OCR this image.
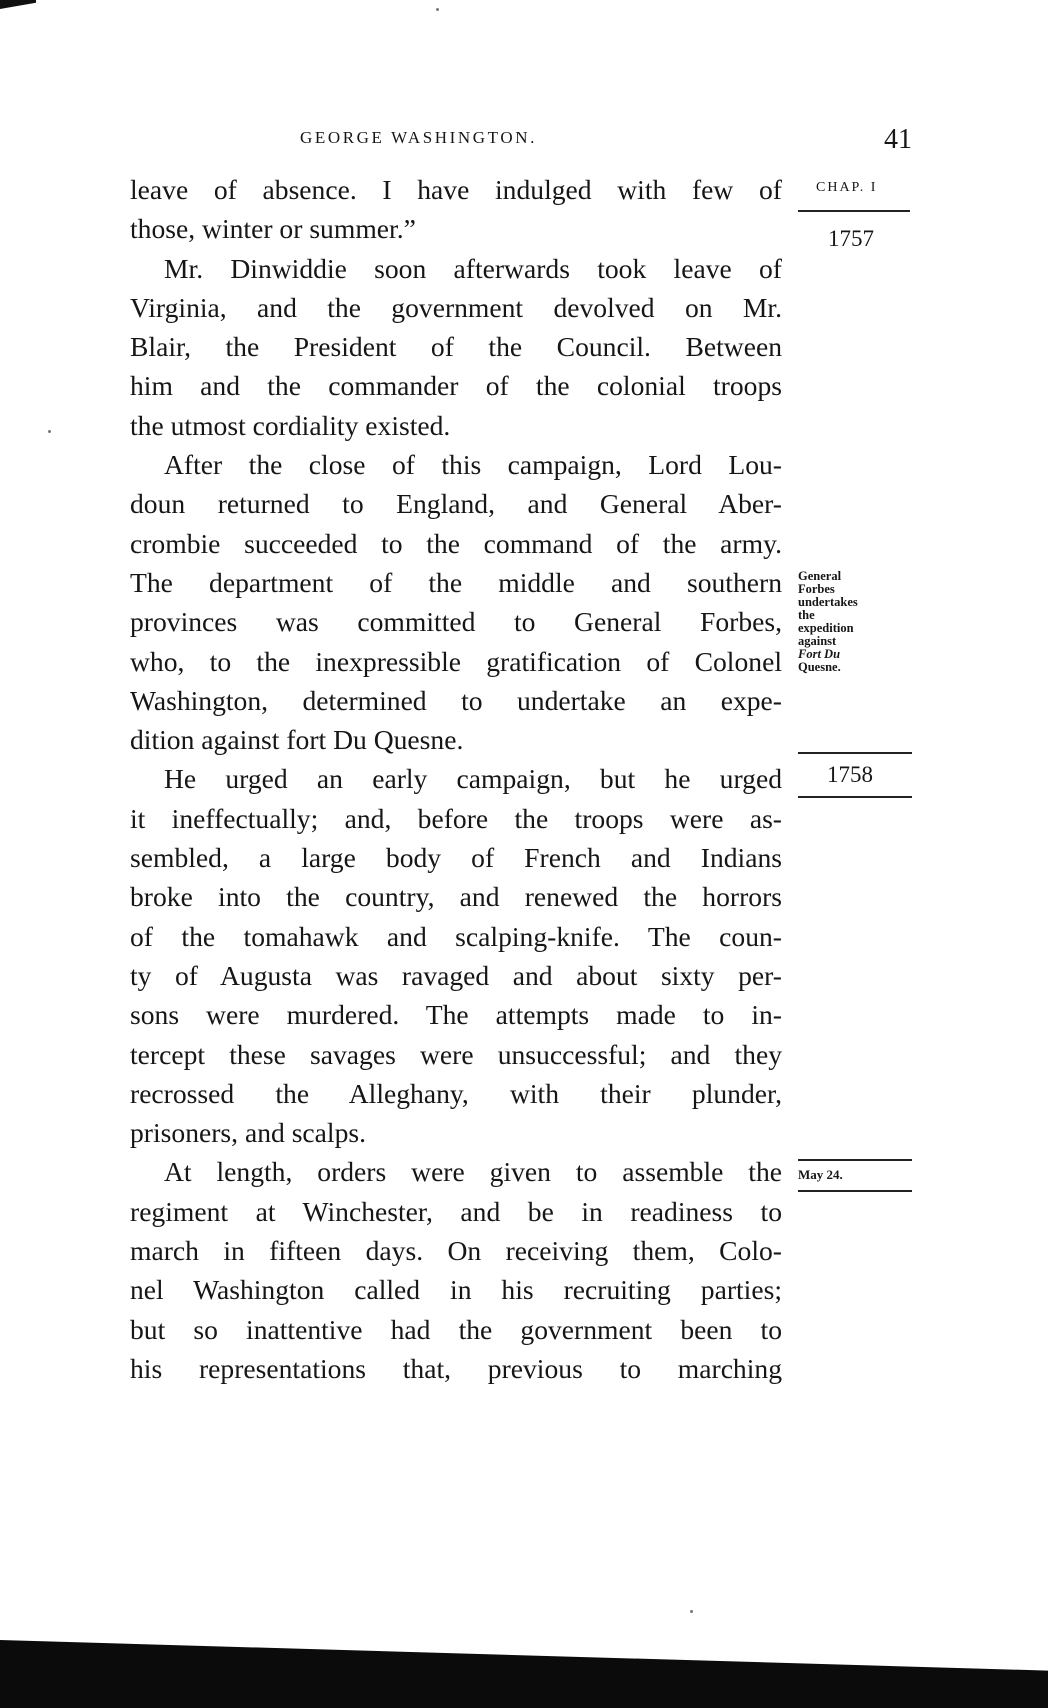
GEORGE WASHINGTON.	41

leave of absence. I have indulged with few of

those, winter or summer.”

Mr. Dinwiddie soon afterwards took leave of

Virginia, and the government devolved on Mr.

Blair, the President of the Council. Between

him and the commander of the colonial troops

the utmost cordiality existed.

After the close of this campaign, Lord Lou-

doun returned to England, and General Aber-

crombie succeeded to the command of the army.

The department of the middle and southern

provinces was committed to General Forbes,

who, to the inexpressible gratification of Colonel

Washington, determined to undertake an expe-

dition against fort Du Quesne.

He urged an early campaign, but he urged

it ineffectually; and, before the troops were as-

sembled, a large body of French and Indians

broke into the country, and renewed the horrors

of the tomahawk and scalping-knife. The coun-

ty of Augusta was ravaged and about sixty per-

sons were murdered. The attempts made to in-

tercept these savages were unsuccessful; and they

recrossed the Alleghany, with their plunder,

prisoners, and scalps.

At length, orders were given to assemble the

regiment at Winchester, and be in readiness to

march in fifteen days. On receiving them, Colo-

nel Washington called in his recruiting parties;

but so inattentive had the government been to

his representations that, previous to marching

CHAP. I
1757
General
Forbes
undertakes
the
expedition
against
Fort Du
Quesne.
1758
May 24.
